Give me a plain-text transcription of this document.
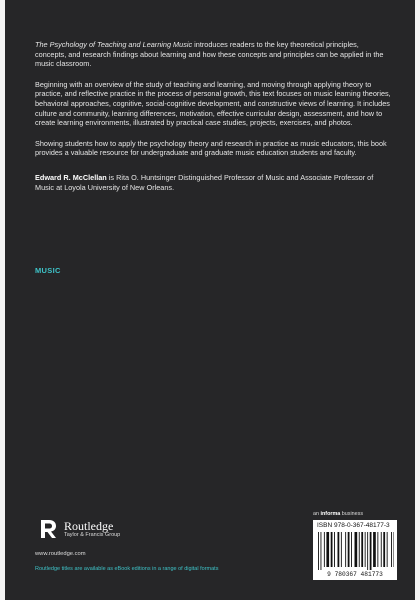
The Psychology of Teaching and Learning Music introduces readers to the key theoretical principles, concepts, and research findings about learning and how these concepts and principles can be applied in the music classroom.

Beginning with an overview of the study of teaching and learning, and moving through applying theory to practice, and reflective practice in the process of personal growth, this text focuses on music learning theories, behavioral approaches, cognitive, social-cognitive development, and constructive views of learning. It includes culture and community, learning differences, motivation, effective curricular design, assessment, and how to create learning environments, illustrated by practical case studies, projects, exercises, and photos.

Showing students how to apply the psychology theory and research in practice as music educators, this book provides a valuable resource for undergraduate and graduate music education students and faculty.

Edward R. McClellan is Rita O. Huntsinger Distinguished Professor of Music and Associate Professor of Music at Loyola University of New Orleans.

MUSIC
Routledge
Taylor & Francis Group
www.routledge.com
Routledge titles are available as eBook editions in a range of digital formats
an informa business
ISBN 978-0-367-48177-3
9 780367 481773
